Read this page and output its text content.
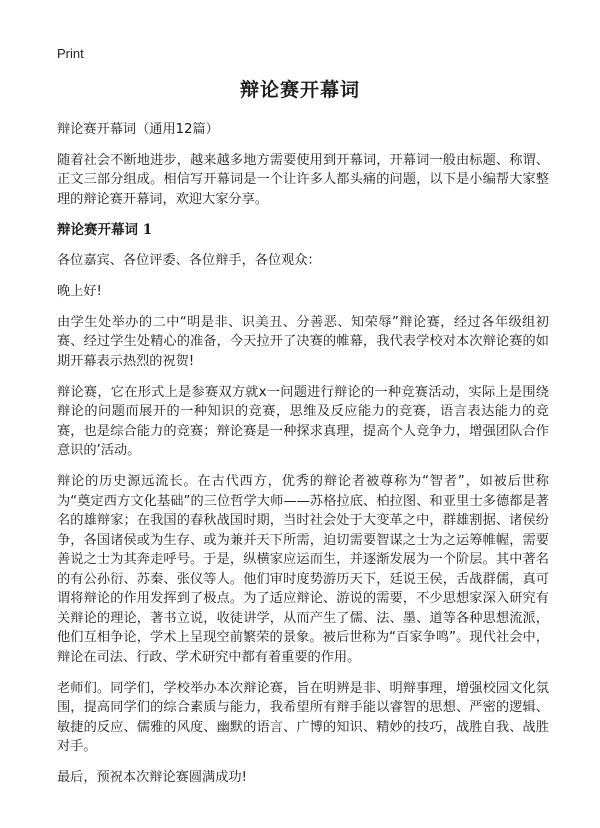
Print
辩论赛开幕词

辩论赛开幕词（通用12篇）

随着社会不断地进步，越来越多地方需要使用到开幕词，开幕词一般由标题、称谓、正文三部分组成。相信写开幕词是一个让许多人都头痛的问题，以下是小编帮大家整理的辩论赛开幕词，欢迎大家分享。

辩论赛开幕词 1

各位嘉宾、各位评委、各位辩手，各位观众：

晚上好!

由学生处举办的二中“明是非、识美丑、分善恶、知荣辱”辩论赛，经过各年级组初赛、经过学生处精心的准备，今天拉开了决赛的帷幕，我代表学校对本次辩论赛的如期开幕表示热烈的祝贺!

辩论赛，它在形式上是参赛双方就x一问题进行辩论的一种竞赛活动，实际上是围绕辩论的问题而展开的一种知识的竞赛，思维及反应能力的竞赛，语言表达能力的竞赛，也是综合能力的竞赛；辩论赛是一种探求真理，提高个人竞争力，增强团队合作意识的’活动。

辩论的历史源远流长。在古代西方，优秀的辩论者被尊称为“智者”，如被后世称为“奠定西方文化基础”的三位哲学大师——苏格拉底、柏拉图、和亚里士多德都是著名的雄辩家；在我国的春秋战国时期，当时社会处于大变革之中，群雄割据、诸侯纷争，各国诸侯或为生存、或为兼并天下所需，迫切需要智谋之士为之运筹帷幄，需要善说之士为其奔走呼号。于是，纵横家应运而生，并逐渐发展为一个阶层。其中著名的有公孙衍、苏秦、张仪等人。他们审时度势游历天下，廷说王侯，舌战群儒，真可谓将辩论的作用发挥到了极点。为了适应辩论、游说的需要，不少思想家深入研究有关辩论的理论，著书立说，收徒讲学，从而产生了儒、法、墨、道等各种思想流派，他们互相争论，学术上呈现空前繁荣的景象。被后世称为“百家争鸣”。现代社会中，辩论在司法、行政、学术研究中都有着重要的作用。

老师们。同学们，学校举办本次辩论赛，旨在明辨是非、明辩事理，增强校园文化氛围，提高同学们的综合素质与能力，我希望所有辩手能以睿智的思想、严密的逻辑、敏捷的反应、儒雅的风度、幽默的语言、广博的知识、精妙的技巧，战胜自我、战胜对手。

最后，预祝本次辩论赛圆满成功!
